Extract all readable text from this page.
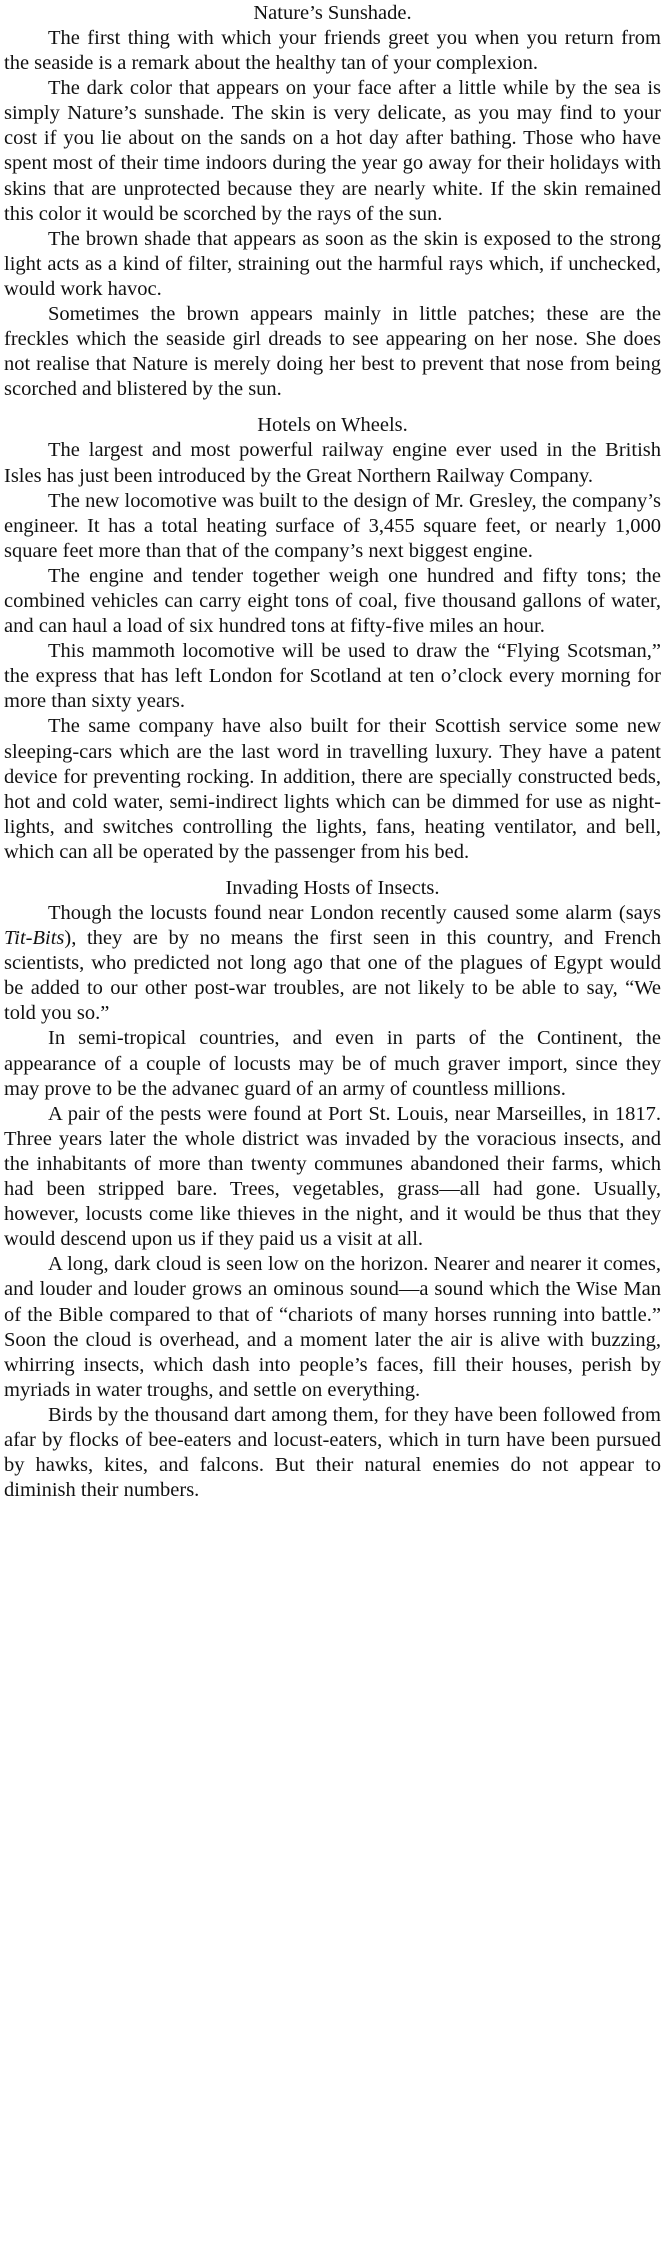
Nature’s Sunshade.

The first thing with which your friends greet you when you return from the seaside is a remark about the healthy tan of your complexion.

The dark color that appears on your face after a little while by the sea is simply Nature’s sunshade. The skin is very delicate, as you may find to your cost if you lie about on the sands on a hot day after bathing. Those who have spent most of their time indoors during the year go away for their holidays with skins that are unprotected because they are nearly white. If the skin remained this color it would be scorched by the rays of the sun.

The brown shade that appears as soon as the skin is exposed to the strong light acts as a kind of filter, straining out the harmful rays which, if unchecked, would work havoc.

Sometimes the brown appears mainly in little patches; these are the freckles which the seaside girl dreads to see appearing on her nose. She does not realise that Nature is merely doing her best to prevent that nose from being scorched and blistered by the sun.

Hotels on Wheels.

The largest and most powerful railway engine ever used in the British Isles has just been introduced by the Great Northern Railway Company.

The new locomotive was built to the design of Mr. Gresley, the company’s engineer. It has a total heating surface of 3,455 square feet, or nearly 1,000 square feet more than that of the company’s next biggest engine.

The engine and tender together weigh one hundred and fifty tons; the combined vehicles can carry eight tons of coal, five thousand gallons of water, and can haul a load of six hundred tons at fifty-five miles an hour.

This mammoth locomotive will be used to draw the “Flying Scotsman,” the express that has left London for Scotland at ten o’clock every morning for more than sixty years.

The same company have also built for their Scottish service some new sleeping-cars which are the last word in travelling luxury. They have a patent device for preventing rocking. In addition, there are specially constructed beds, hot and cold water, semi-indirect lights which can be dimmed for use as night-lights, and switches controlling the lights, fans, heating ventilator, and bell, which can all be operated by the passenger from his bed.

Invading Hosts of Insects.

Though the locusts found near London recently caused some alarm (says Tit-Bits), they are by no means the first seen in this country, and French scientists, who predicted not long ago that one of the plagues of Egypt would be added to our other post-war troubles, are not likely to be able to say, “We told you so.”

In semi-tropical countries, and even in parts of the Continent, the appearance of a couple of locusts may be of much graver import, since they may prove to be the advanec guard of an army of countless millions.

A pair of the pests were found at Port St. Louis, near Marseilles, in 1817. Three years later the whole district was invaded by the voracious insects, and the inhabitants of more than twenty communes abandoned their farms, which had been stripped bare. Trees, vegetables, grass—all had gone. Usually, however, locusts come like thieves in the night, and it would be thus that they would descend upon us if they paid us a visit at all.

A long, dark cloud is seen low on the horizon. Nearer and nearer it comes, and louder and louder grows an ominous sound—a sound which the Wise Man of the Bible compared to that of “chariots of many horses running into battle.” Soon the cloud is overhead, and a moment later the air is alive with buzzing, whirring insects, which dash into people’s faces, fill their houses, perish by myriads in water troughs, and settle on everything.

Birds by the thousand dart among them, for they have been followed from afar by flocks of bee-eaters and locust-eaters, which in turn have been pursued by hawks, kites, and falcons. But their natural enemies do not appear to diminish their numbers.
